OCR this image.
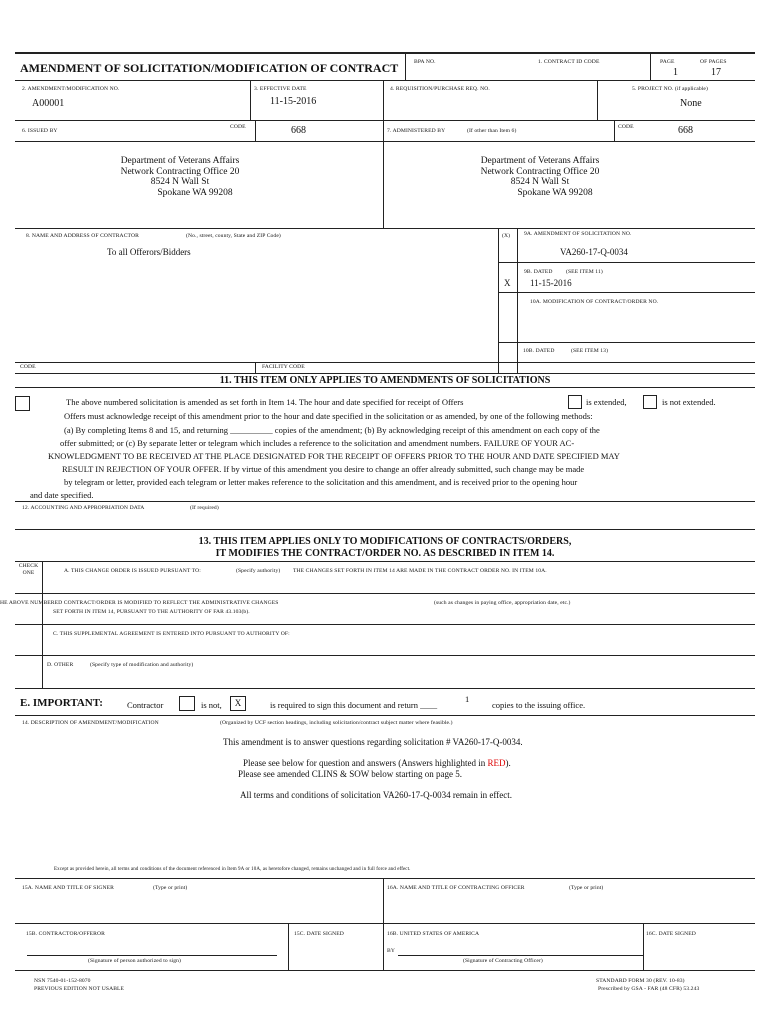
AMENDMENT OF SOLICITATION/MODIFICATION OF CONTRACT	BPA NO.	1. CONTRACT ID CODE	PAGE	OF PAGES
1	17
2. AMENDMENT/MODIFICATION NO.
A00001
3. EFFECTIVE DATE
11-15-2016
4. REQUISITION/PURCHASE REQ. NO.	5. PROJECT NO. (if applicable)
None
6. ISSUED BY
CODE	668	7. ADMINISTERED BY	(If other than Item 6)
CODE	668
Department of Veterans Affairs
Network Contracting Office 20
8524 N Wall St
Spokane WA 99208
Department of Veterans Affairs
Network Contracting Office 20
8524 N Wall St
Spokane WA 99208
8. NAME AND ADDRESS OF CONTRACTOR	(No., street, county, State and ZIP Code)
To all Offerors/Bidders
(X) 9A. AMENDMENT OF SOLICITATION NO.
VA260-17-Q-0034
9B. DATED (SEE ITEM 11)
X 11-15-2016
10A. MODIFICATION OF CONTRACT/ORDER NO.
10B. DATED	(SEE ITEM 13)
CODE	FACILITY CODE
11. THIS ITEM ONLY APPLIES TO AMENDMENTS OF SOLICITATIONS
The above numbered solicitation is amended as set forth in Item 14. The hour and date specified for receipt of Offers	is extended,	is not extended.
Offers must acknowledge receipt of this amendment prior to the hour and date specified in the solicitation or as amended, by one of the following methods:
(a) By completing Items 8 and 15, and returning __________ copies of the amendment; (b) By acknowledging receipt of this amendment on each copy of the
offer submitted; or (c) By separate letter or telegram which includes a reference to the solicitation and amendment numbers. FAILURE OF YOUR AC-
KNOWLEDGMENT TO BE RECEIVED AT THE PLACE DESIGNATED FOR THE RECEIPT OF OFFERS PRIOR TO THE HOUR AND DATE SPECIFIED MAY
RESULT IN REJECTION OF YOUR OFFER. If by virtue of this amendment you desire to change an offer already submitted, such change may be made
by telegram or letter, provided each telegram or letter makes reference to the solicitation and this amendment, and is received prior to the opening hour
and date specified.
12. ACCOUNTING AND APPROPRIATION DATA	(If required)
13. THIS ITEM APPLIES ONLY TO MODIFICATIONS OF CONTRACTS/ORDERS,
IT MODIFIES THE CONTRACT/ORDER NO. AS DESCRIBED IN ITEM 14.
CHECK
ONE	A. THIS CHANGE ORDER IS ISSUED PURSUANT TO:	(Specify authority) THE CHANGES SET FORTH IN ITEM 14 ARE MADE IN THE CONTRACT ORDER NO. IN ITEM 10A.
HE ABOVE NUMBERED CONTRACT/ORDER IS MODIFIED TO REFLECT THE ADMINISTRATIVE CHANGES	(such as changes in paying office, appropriation date, etc.)
SET FORTH IN ITEM 14, PURSUANT TO THE AUTHORITY OF FAR 43.103(b).
C. THIS SUPPLEMENTAL AGREEMENT IS ENTERED INTO PURSUANT TO AUTHORITY OF:
D. OTHER	(Specify type of modification and authority)
E. IMPORTANT:	Contractor	is not,	X	is required to sign this document and return ____
1
copies to the issuing office.
14. DESCRIPTION OF AMENDMENT/MODIFICATION	(Organized by UCF section headings, including solicitation/contract subject matter where feasible.)
This amendment is to answer questions regarding solicitation # VA260-17-Q-0034.
Please see below for question and answers (Answers highlighted in RED).
Please see amended CLINS & SOW below starting on page 5.
All terms and conditions of solicitation VA260-17-Q-0034 remain in effect.
Except as provided herein, all terms and conditions of the document referenced in Item 9A or 10A, as heretofore changed, remains unchanged and in full force and effect.
15A. NAME AND TITLE OF SIGNER	(Type or print)	16A. NAME AND TITLE OF CONTRACTING OFFICER	(Type or print)
15B. CONTRACTOR/OFFEROR	15C. DATE SIGNED	16B. UNITED STATES OF AMERICA	16C. DATE SIGNED
BY
(Signature of person authorized to sign)	(Signature of Contracting Officer)
NSN 7540-01-152-8070
PREVIOUS EDITION NOT USABLE
STANDARD FORM 30 (REV. 10-83)
Prescribed by GSA - FAR (48 CFR) 53.243
